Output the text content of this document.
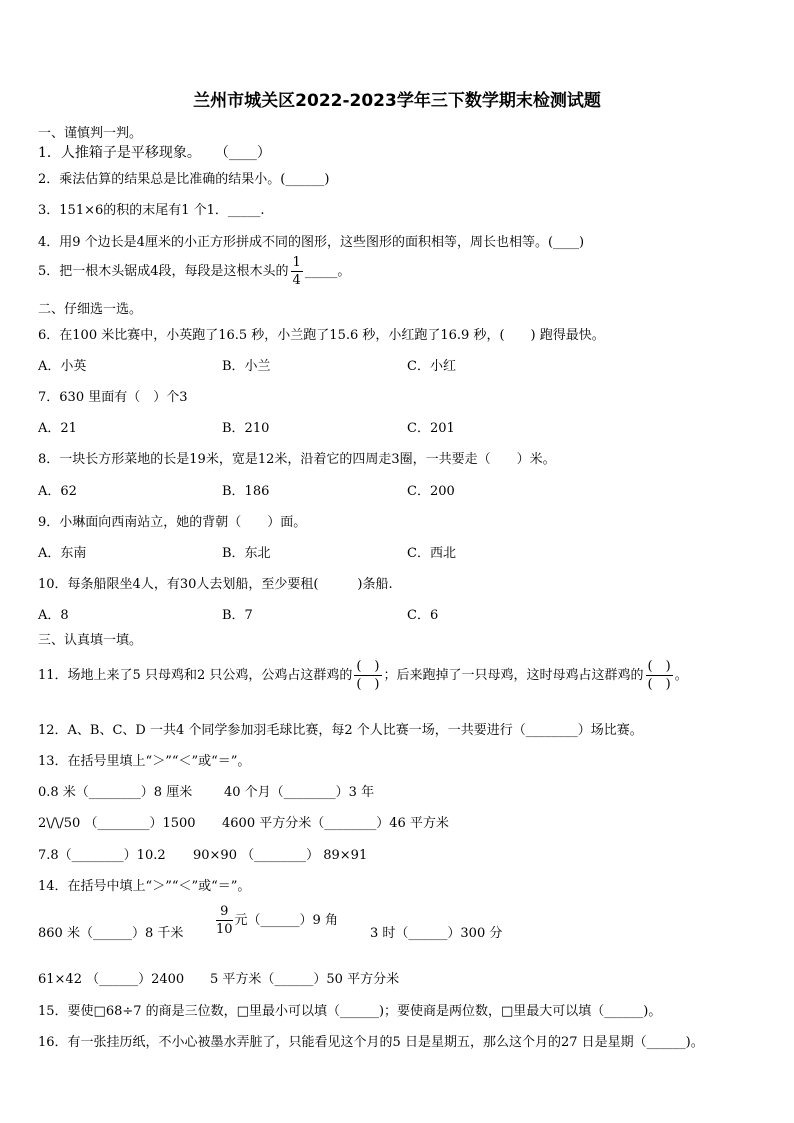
兰州市城关区2022-2023学年三下数学期末检测试题
一、谨慎判一判。
1．人推箱子是平移现象。　　（____）
2．乘法估算的结果总是比准确的结果小。(______)
3．151×6的积的末尾有1 个1．_____.
4．用9 个边长是4厘米的小正方形拼成不同的图形，这些图形的面积相等，周长也相等。(____)
5．把一根木头锯成4段，每段是这根木头的 $\frac{1}{4}$ _____。
二、仔细选一选。
6．在100 米比赛中，小英跑了16.5 秒，小兰跑了15.6 秒，小红跑了16.9 秒，(　　) 跑得最快。
A．小英	B．小兰	C．小红
7．630 里面有（　）个3
A．21	B．210	C．201
8．一块长方形菜地的长是19米，宽是12米，沿着它的四周走3圈，一共要走（　　）米。
A．62	B．186	C．200
9．小琳面向西南站立，她的背朝（　　）面。
A．东南	B．东北	C．西北
10．每条船限坐4人，有30人去划船，至少要租(　　　)条船.
A．8	B．7	C．6
三、认真填一填。
11．场地上来了5 只母鸡和2 只公鸡，公鸡占这群鸡的 $\frac{( )}{( )}$ ；后来跑掉了一只母鸡，这时母鸡占这群鸡的 $\frac{( )}{( )}$ 。
12．A、B、C、D 一共4 个同学参加羽毛球比赛，每2 个人比赛一场，一共要进行（________）场比赛。
13．在括号里填上“＞”“＜”或“＝”。
0.8 米（________）8 厘米 40 个月（________）3 年
2\/\/50 （________）1500 4600 平方分米（________）46 平方米
7.8（________）10.2 90×90 （________） 89×91
14．在括号中填上“＞”“＜”或“＝”。
860 米（______）8 千米	$\frac{9}{10}$ 元（______）9 角
3 时（______）300 分
61×42 （______）2400 5 平方米（______）50 平方分米
15．要使□68÷7 的商是三位数，□里最小可以填（______)；要使商是两位数，□里最大可以填（______)。
16．有一张挂历纸，不小心被墨水弄脏了，只能看见这个月的5 日是星期五，那么这个月的27 日是星期（______)。
